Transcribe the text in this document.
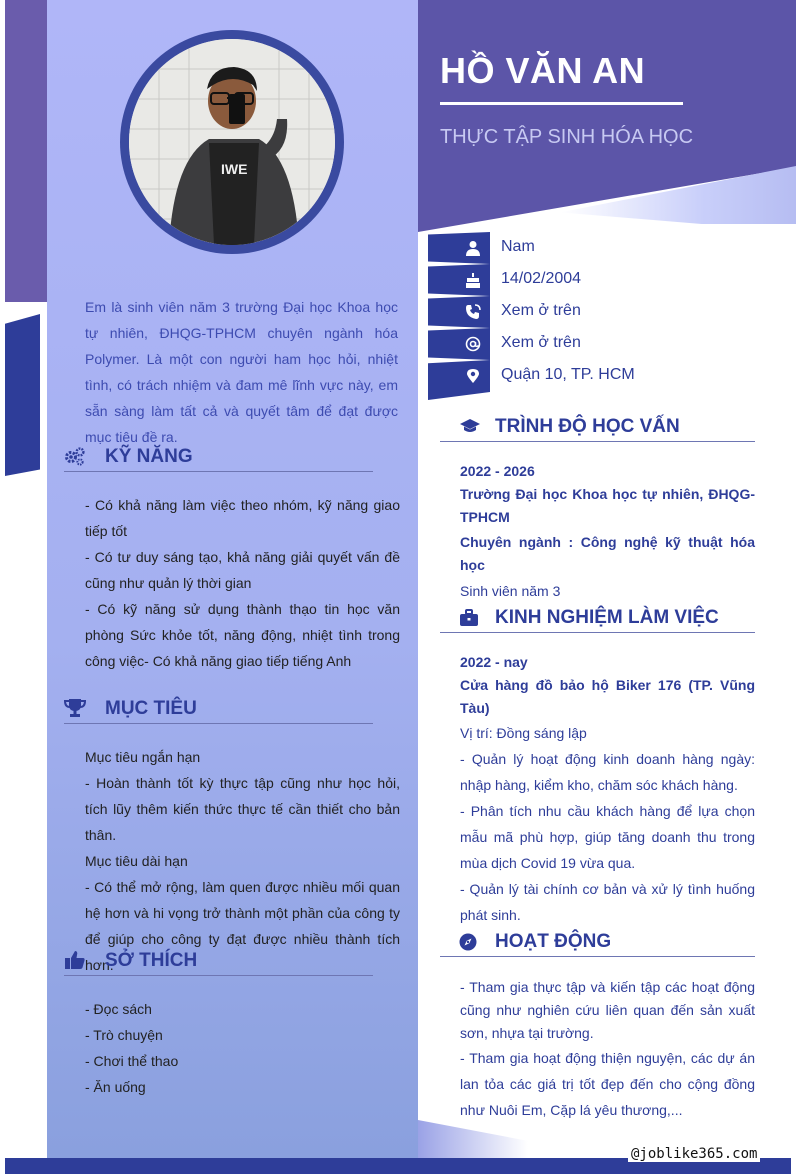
HỒ VĂN AN
THỰC TẬP SINH HÓA HỌC
IWE
Em là sinh viên năm 3 trường Đại học Khoa học tự nhiên, ĐHQG-TPHCM chuyên ngành hóa Polymer. Là một con người ham học hỏi, nhiệt tình, có trách nhiệm và đam mê lĩnh vực này, em sẵn sàng làm tất cả và quyết tâm để đạt được mục tiêu đề ra.
KỸ NĂNG

- Có khả năng làm việc theo nhóm, kỹ năng giao tiếp tốt

- Có tư duy sáng tạo, khả năng giải quyết vấn đề cũng như quản lý thời gian

- Có kỹ năng sử dụng thành thạo tin học văn phòng Sức khỏe tốt, năng động, nhiệt tình trong công việc- Có khả năng giao tiếp tiếng Anh

MỤC TIÊU

Mục tiêu ngắn hạn

- Hoàn thành tốt kỳ thực tập cũng như học hỏi, tích lũy thêm kiến thức thực tế cần thiết cho bản thân.

Mục tiêu dài hạn

- Có thể mở rộng, làm quen được nhiều mối quan hệ hơn và hi vọng trở thành một phần của công ty để giúp cho công ty đạt được nhiều thành tích hơn.

SỞ THÍCH

- Đọc sách

- Trò chuyện

- Chơi thể thao

- Ăn uống

Nam
14/02/2004
Xem ở trên
Xem ở trên
Quận 10, TP. HCM
TRÌNH ĐỘ HỌC VẤN

2022 - 2026

Trường Đại học Khoa học tự nhiên, ĐHQG-TPHCM

Chuyên ngành : Công nghệ kỹ thuật hóa học

Sinh viên năm 3

KINH NGHIỆM LÀM VIỆC

2022 - nay

Cửa hàng đồ bảo hộ Biker 176 (TP. Vũng Tàu)

Vị trí: Đồng sáng lập

- Quản lý hoạt động kinh doanh hàng ngày: nhập hàng, kiểm kho, chăm sóc khách hàng.

- Phân tích nhu cầu khách hàng để lựa chọn mẫu mã phù hợp, giúp tăng doanh thu trong mùa dịch Covid 19 vừa qua.

- Quản lý tài chính cơ bản và xử lý tình huống phát sinh.

HOẠT ĐỘNG

- Tham gia thực tập và kiến tập các hoạt động cũng như nghiên cứu liên quan đến sản xuất sơn, nhựa tại trường.

- Tham gia hoạt động thiện nguyện, các dự án lan tỏa các giá trị tốt đẹp đến cho cộng đồng như Nuôi Em, Cặp lá yêu thương,...

@joblike365.com
